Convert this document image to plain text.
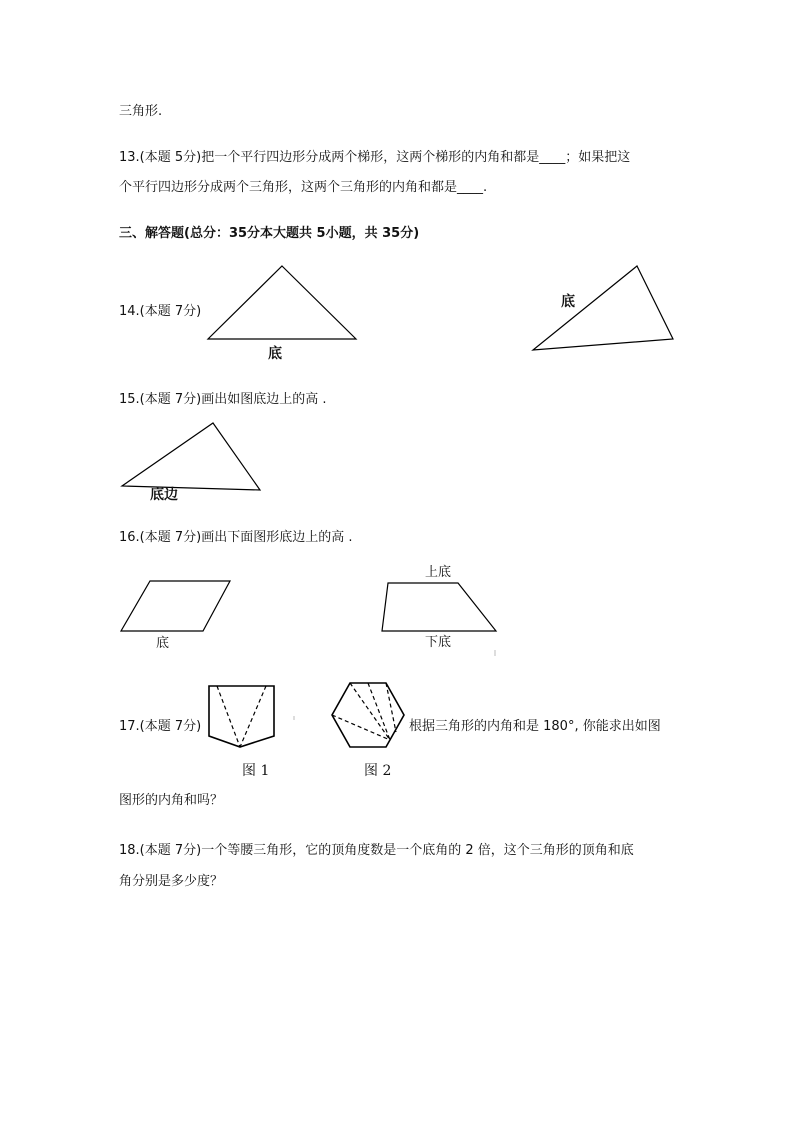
三角形.
13.(本题 5分)把一个平行四边形分成两个梯形，这两个梯形的内角和都是____；如果把这
个平行四边形分成两个三角形，这两个三角形的内角和都是____.
三、解答题(总分：35分本大题共 5小题，共 35分)
14.(本题 7分)
底
底
15.(本题 7分)画出如图底边上的高 .
底边
16.(本题 7分)画出下面图形底边上的高 .
底
上底
下底
17.(本题 7分)	根据三角形的内角和是 180°, 你能求出如图
图 1	图 2
图形的内角和吗？
18.(本题 7分)一个等腰三角形，它的顶角度数是一个底角的 2 倍，这个三角形的顶角和底
角分别是多少度？
